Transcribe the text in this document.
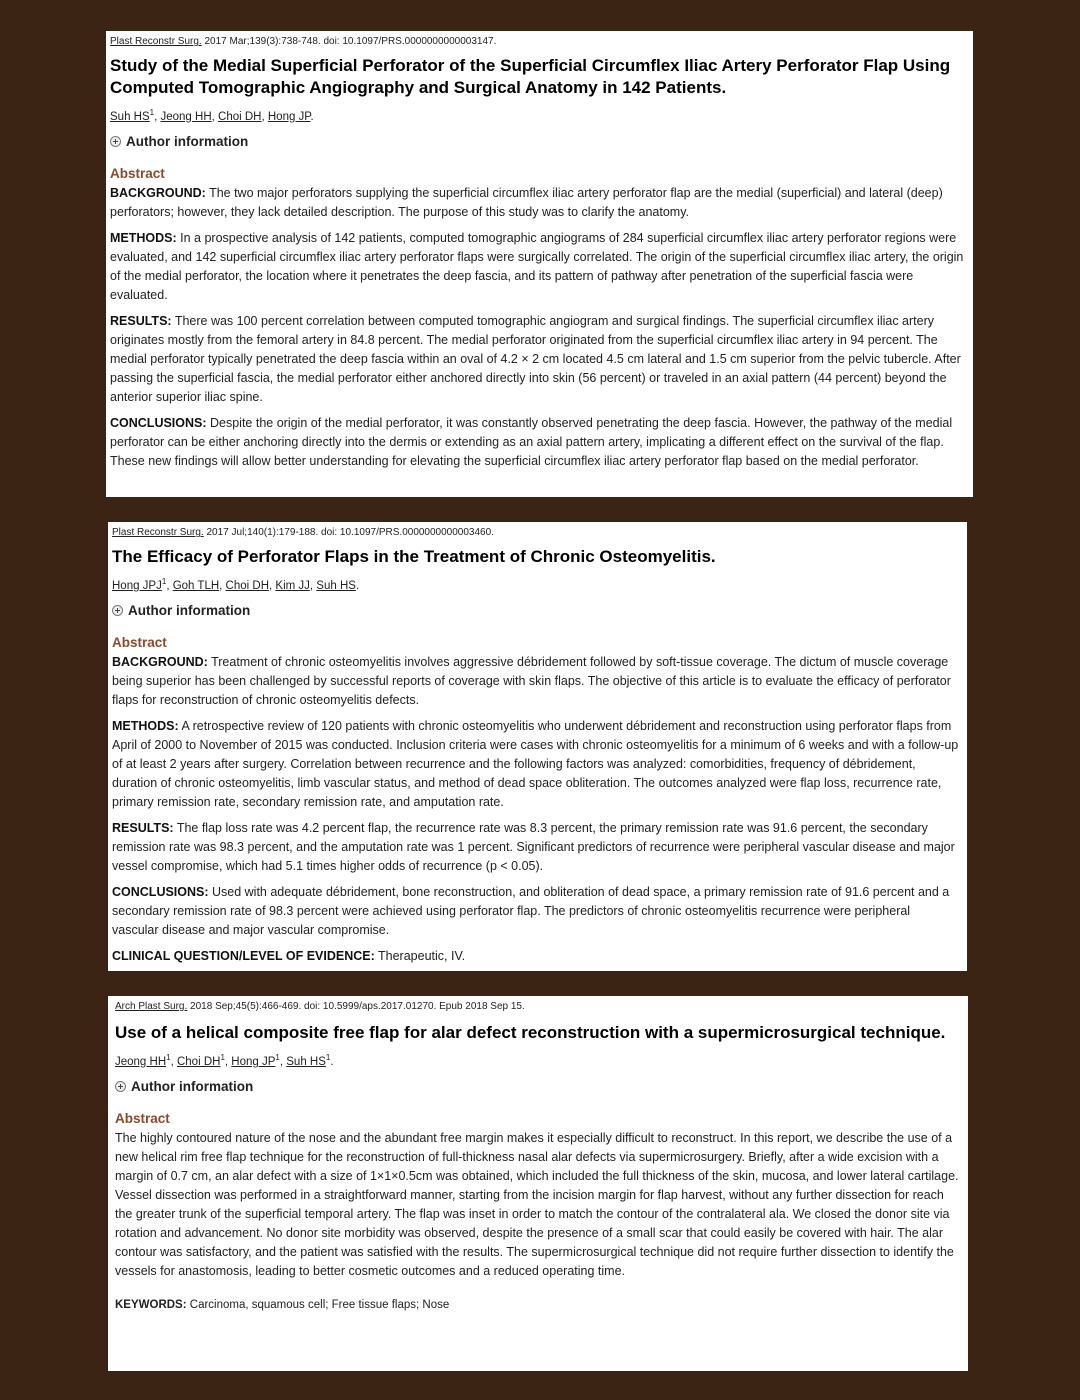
Plast Reconstr Surg. 2017 Mar;139(3):738-748. doi: 10.1097/PRS.0000000000003147.
Study of the Medial Superficial Perforator of the Superficial Circumflex Iliac Artery Perforator Flap Using Computed Tomographic Angiography and Surgical Anatomy in 142 Patients.
Suh $HS^1$, Jeong HH, Choi DH, Hong JP.
Author information
Abstract
BACKGROUND: The two major perforators supplying the superficial circumflex iliac artery perforator flap are the medial (superficial) and lateral (deep) perforators; however, they lack detailed description. The purpose of this study was to clarify the anatomy.
METHODS: In a prospective analysis of 142 patients, computed tomographic angiograms of 284 superficial circumflex iliac artery perforator regions were evaluated, and 142 superficial circumflex iliac artery perforator flaps were surgically correlated. The origin of the superficial circumflex iliac artery, the origin of the medial perforator, the location where it penetrates the deep fascia, and its pattern of pathway after penetration of the superficial fascia were evaluated.
RESULTS: There was 100 percent correlation between computed tomographic angiogram and surgical findings. The superficial circumflex iliac artery originates mostly from the femoral artery in 84.8 percent. The medial perforator originated from the superficial circumflex iliac artery in 94 percent. The medial perforator typically penetrated the deep fascia within an oval of 4.2 × 2 cm located 4.5 cm lateral and 1.5 cm superior from the pelvic tubercle. After passing the superficial fascia, the medial perforator either anchored directly into skin (56 percent) or traveled in an axial pattern (44 percent) beyond the anterior superior iliac spine.
CONCLUSIONS: Despite the origin of the medial perforator, it was constantly observed penetrating the deep fascia. However, the pathway of the medial perforator can be either anchoring directly into the dermis or extending as an axial pattern artery, implicating a different effect on the survival of the flap. These new findings will allow better understanding for elevating the superficial circumflex iliac artery perforator flap based on the medial perforator.
Plast Reconstr Surg. 2017 Jul;140(1):179-188. doi: 10.1097/PRS.0000000000003460.
The Efficacy of Perforator Flaps in the Treatment of Chronic Osteomyelitis.
Hong JPJ$^1$, Goh TLH, Choi DH, Kim JJ, Suh HS.
Author information
Abstract
BACKGROUND: Treatment of chronic osteomyelitis involves aggressive débridement followed by soft-tissue coverage. The dictum of muscle coverage being superior has been challenged by successful reports of coverage with skin flaps. The objective of this article is to evaluate the efficacy of perforator flaps for reconstruction of chronic osteomyelitis defects.
METHODS: A retrospective review of 120 patients with chronic osteomyelitis who underwent débridement and reconstruction using perforator flaps from April of 2000 to November of 2015 was conducted. Inclusion criteria were cases with chronic osteomyelitis for a minimum of 6 weeks and with a follow-up of at least 2 years after surgery. Correlation between recurrence and the following factors was analyzed: comorbidities, frequency of débridement, duration of chronic osteomyelitis, limb vascular status, and method of dead space obliteration. The outcomes analyzed were flap loss, recurrence rate, primary remission rate, secondary remission rate, and amputation rate.
RESULTS: The flap loss rate was 4.2 percent flap, the recurrence rate was 8.3 percent, the primary remission rate was 91.6 percent, the secondary remission rate was 98.3 percent, and the amputation rate was 1 percent. Significant predictors of recurrence were peripheral vascular disease and major vessel compromise, which had 5.1 times higher odds of recurrence (p < 0.05).
CONCLUSIONS: Used with adequate débridement, bone reconstruction, and obliteration of dead space, a primary remission rate of 91.6 percent and a secondary remission rate of 98.3 percent were achieved using perforator flap. The predictors of chronic osteomyelitis recurrence were peripheral vascular disease and major vascular compromise.
CLINICAL QUESTION/LEVEL OF EVIDENCE: Therapeutic, IV.
Arch Plast Surg. 2018 Sep;45(5):466-469. doi: 10.5999/aps.2017.01270. Epub 2018 Sep 15.
Use of a helical composite free flap for alar defect reconstruction with a supermicrosurgical technique.
Jeong $HH^1$, Choi $DH^1$, Hong $JP^1$, Suh $HS^1$.
Author information
Abstract
The highly contoured nature of the nose and the abundant free margin makes it especially difficult to reconstruct. In this report, we describe the use of a new helical rim free flap technique for the reconstruction of full-thickness nasal alar defects via supermicrosurgery. Briefly, after a wide excision with a margin of 0.7 cm, an alar defect with a size of 1×1×0.5cm was obtained, which included the full thickness of the skin, mucosa, and lower lateral cartilage. Vessel dissection was performed in a straightforward manner, starting from the incision margin for flap harvest, without any further dissection for reach the greater trunk of the superficial temporal artery. The flap was inset in order to match the contour of the contralateral ala. We closed the donor site via rotation and advancement. No donor site morbidity was observed, despite the presence of a small scar that could easily be covered with hair. The alar contour was satisfactory, and the patient was satisfied with the results. The supermicrosurgical technique did not require further dissection to identify the vessels for anastomosis, leading to better cosmetic outcomes and a reduced operating time.
KEYWORDS: Carcinoma, squamous cell; Free tissue flaps; Nose
